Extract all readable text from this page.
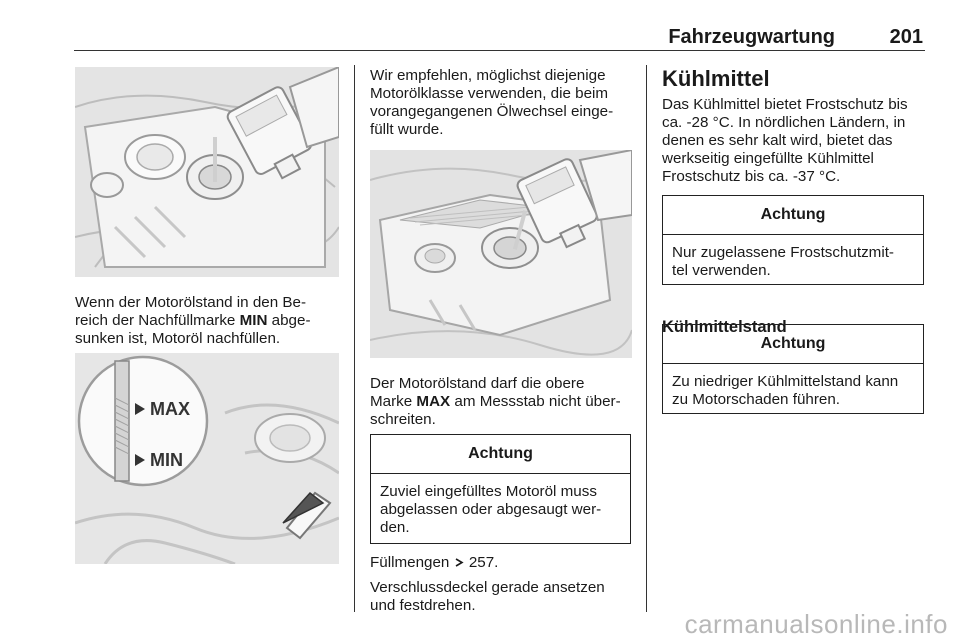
Fahrzeugwartung	201

Wenn der Motorölstand in den Be-
reich der Nachfüllmarke MIN abge-
sunken ist, Motoröl nachfüllen.

MAX
MIN

Wir empfehlen, möglichst diejenige
Motorölklasse verwenden, die beim
vorangegangenen Ölwechsel einge-
füllt wurde.

Der Motorölstand darf die obere
Marke MAX am Messstab nicht über-
schreiten.

Achtung
Zuviel eingefülltes Motoröl muss
abgelassen oder abgesaugt wer-
den.

Füllmengen  257.

Verschlussdeckel gerade ansetzen
und festdrehen.

Kühlmittel

Das Kühlmittel bietet Frostschutz bis
ca. -28 °C. In nördlichen Ländern, in
denen es sehr kalt wird, bietet das
werkseitig eingefüllte Kühlmittel
Frostschutz bis ca. -37 °C.

Achtung
Nur zugelassene Frostschutzmit-
tel verwenden.
Kühlmittelstand
Achtung
Zu niedriger Kühlmittelstand kann
zu Motorschaden führen.
carmanualsonline.info
